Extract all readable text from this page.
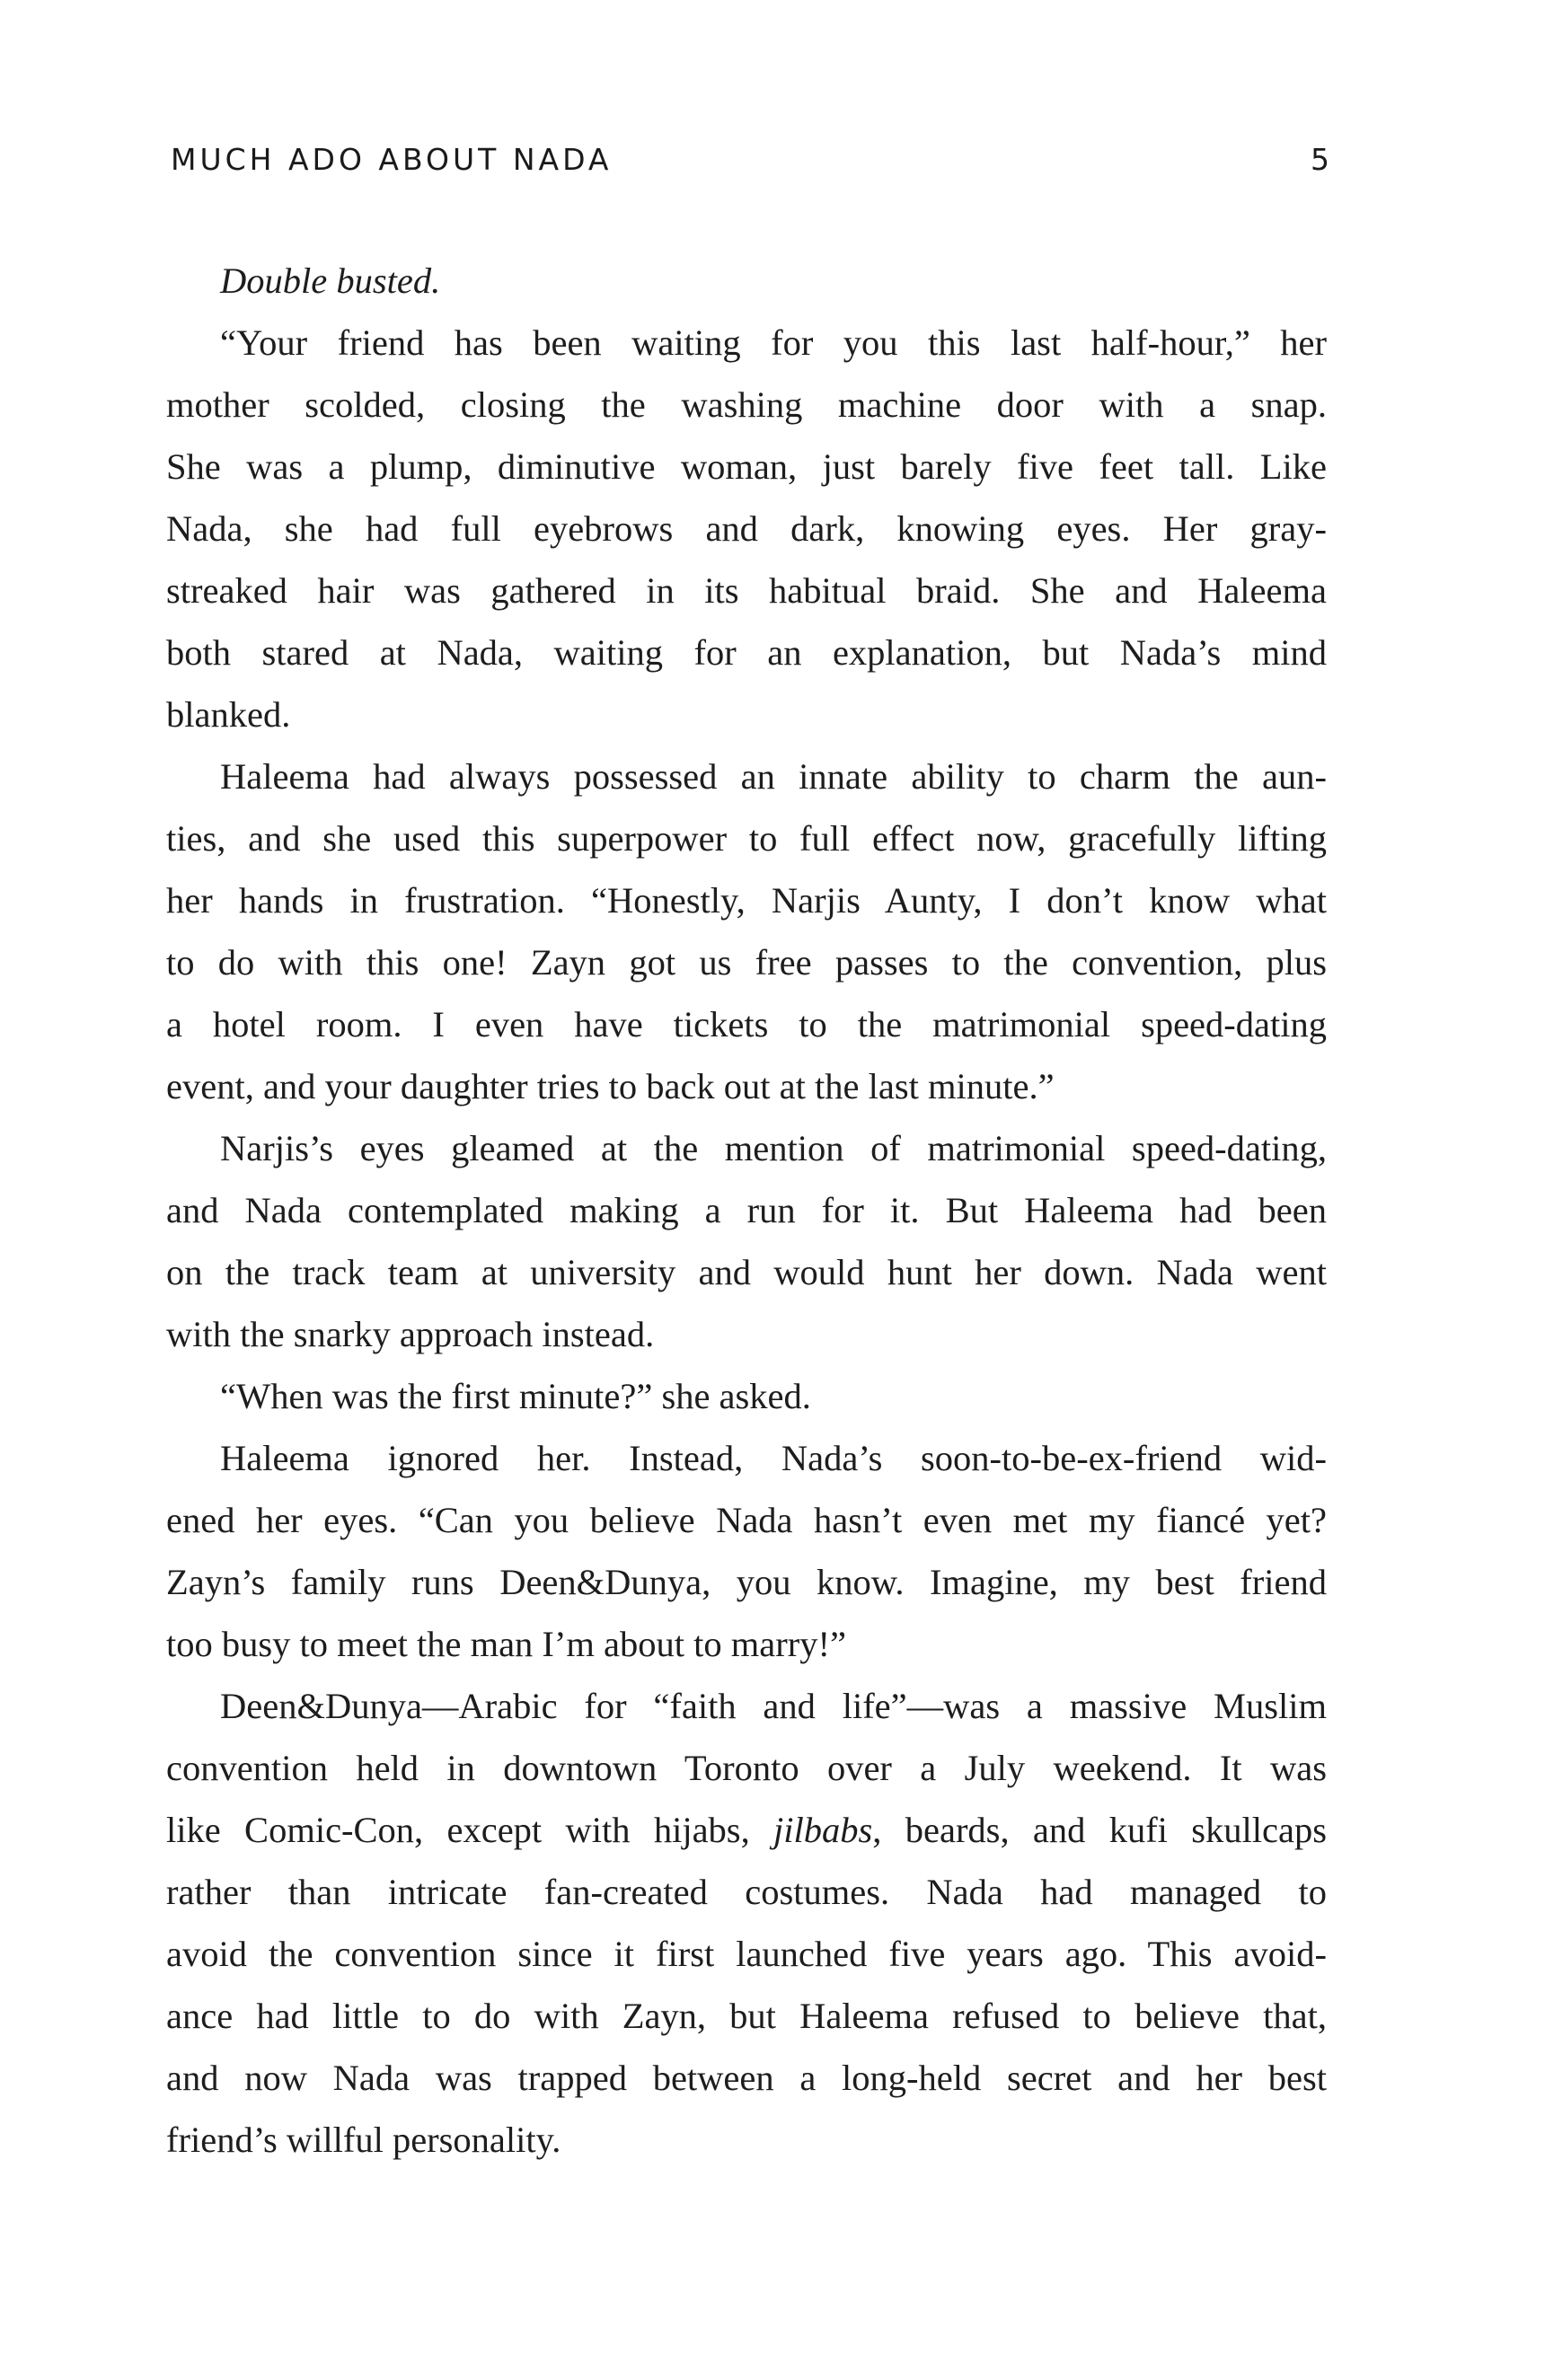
MUCH ADO ABOUT NADA	5
Double busted.
“Your friend has been waiting for you this last half-hour,” her
mother scolded, closing the washing machine door with a snap.
She was a plump, diminutive woman, just barely five feet tall. Like
Nada, she had full eyebrows and dark, knowing eyes. Her gray-
streaked hair was gathered in its habitual braid. She and Haleema
both stared at Nada, waiting for an explanation, but Nada’s mind
blanked.
Haleema had always possessed an innate ability to charm the aun-
ties, and she used this superpower to full effect now, gracefully lifting
her hands in frustration. “Honestly, Narjis Aunty, I don’t know what
to do with this one! Zayn got us free passes to the convention, plus
a hotel room. I even have tickets to the matrimonial speed-dating
event, and your daughter tries to back out at the last minute.”
Narjis’s eyes gleamed at the mention of matrimonial speed-dating,
and Nada contemplated making a run for it. But Haleema had been
on the track team at university and would hunt her down. Nada went
with the snarky approach instead.
“When was the first minute?” she asked.
Haleema ignored her. Instead, Nada’s soon-to-be-ex-friend wid-
ened her eyes. “Can you believe Nada hasn’t even met my fiancé yet?
Zayn’s family runs Deen&Dunya, you know. Imagine, my best friend
too busy to meet the man I’m about to marry!”
Deen&Dunya—Arabic for “faith and life”—was a massive Muslim
convention held in downtown Toronto over a July weekend. It was
like Comic-Con, except with hijabs, jilbabs, beards, and kufi skullcaps
rather than intricate fan-created costumes. Nada had managed to
avoid the convention since it first launched five years ago. This avoid-
ance had little to do with Zayn, but Haleema refused to believe that,
and now Nada was trapped between a long-held secret and her best
friend’s willful personality.
